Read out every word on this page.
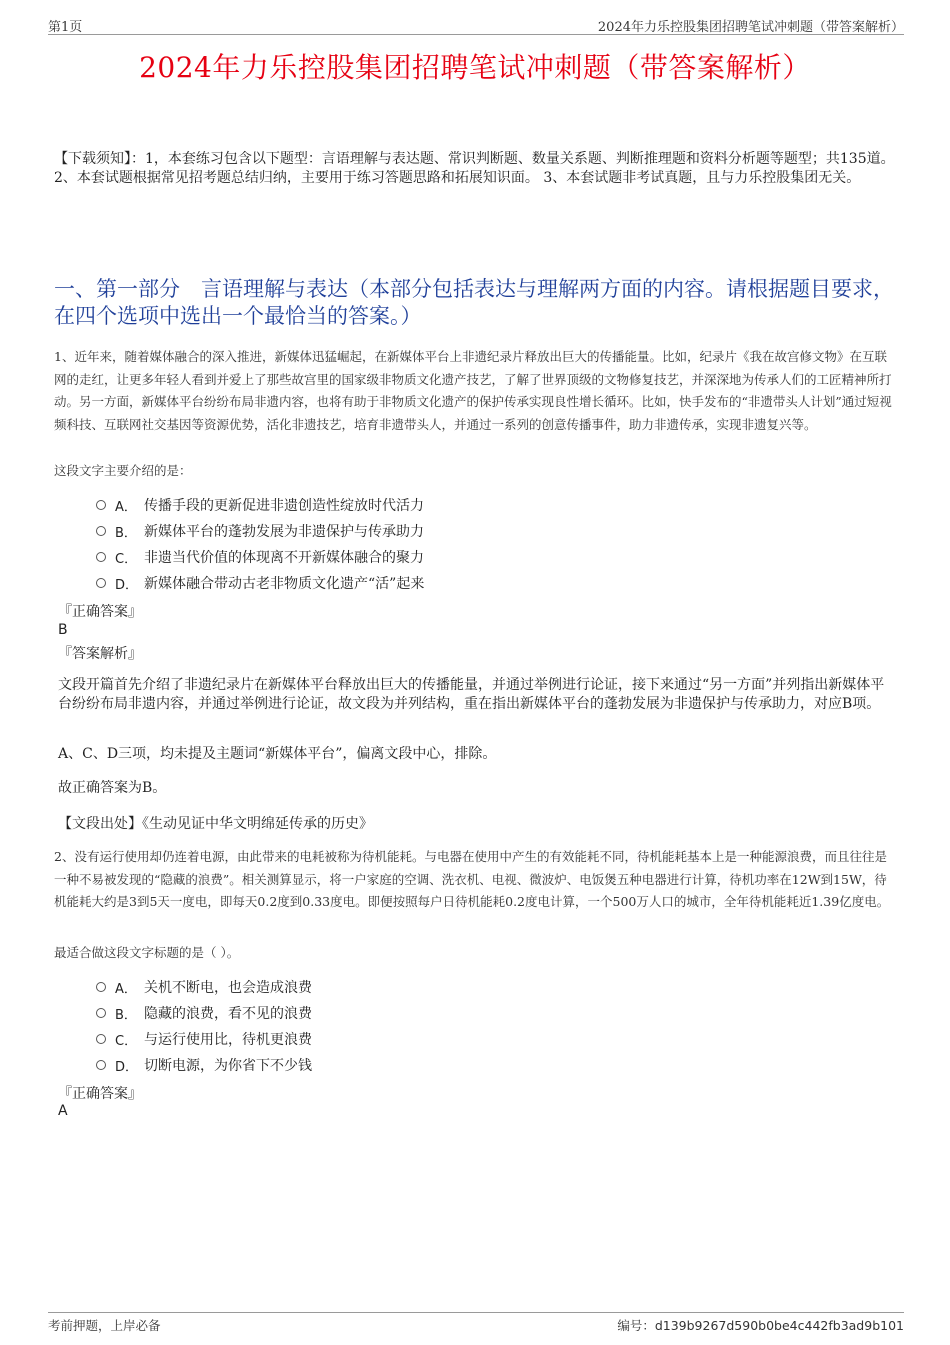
第1页	2024年力乐控股集团招聘笔试冲刺题（带答案解析）
2024年力乐控股集团招聘笔试冲刺题（带答案解析）
【下载须知】：1，本套练习包含以下题型：言语理解与表达题、常识判断题、数量关系题、判断推理题和资料分析题等题型；共135道。 2、本套试题根据常见招考题总结归纳，主要用于练习答题思路和拓展知识面。 3、本套试题非考试真题，且与力乐控股集团无关。
一、第一部分　言语理解与表达（本部分包括表达与理解两方面的内容。请根据题目要求，在四个选项中选出一个最恰当的答案。）
1、近年来，随着媒体融合的深入推进，新媒体迅猛崛起，在新媒体平台上非遗纪录片释放出巨大的传播能量。比如，纪录片《我在故宫修文物》在互联网的走红，让更多年轻人看到并爱上了那些故宫里的国家级非物质文化遗产技艺，了解了世界顶级的文物修复技艺，并深深地为传承人们的工匠精神所打动。另一方面，新媒体平台纷纷布局非遗内容，也将有助于非物质文化遗产的保护传承实现良性增长循环。比如，快手发布的“非遗带头人计划”通过短视频科技、互联网社交基因等资源优势，活化非遗技艺，培育非遗带头人，并通过一系列的创意传播事件，助力非遗传承，实现非遗复兴等。
这段文字主要介绍的是：
A． 传播手段的更新促进非遗创造性绽放时代活力
B． 新媒体平台的蓬勃发展为非遗保护与传承助力
C． 非遗当代价值的体现离不开新媒体融合的聚力
D． 新媒体融合带动古老非物质文化遗产“活”起来
『正确答案』
B
『答案解析』
文段开篇首先介绍了非遗纪录片在新媒体平台释放出巨大的传播能量，并通过举例进行论证，接下来通过“另一方面”并列指出新媒体平台纷纷布局非遗内容，并通过举例进行论证，故文段为并列结构，重在指出新媒体平台的蓬勃发展为非遗保护与传承助力，对应B项。
A、C、D三项，均未提及主题词“新媒体平台”，偏离文段中心，排除。
故正确答案为B。
【文段出处】《生动见证中华文明绵延传承的历史》
2、没有运行使用却仍连着电源，由此带来的电耗被称为待机能耗。与电器在使用中产生的有效能耗不同，待机能耗基本上是一种能源浪费，而且往往是一种不易被发现的“隐藏的浪费”。相关测算显示，将一户家庭的空调、洗衣机、电视、微波炉、电饭煲五种电器进行计算，待机功率在12W到15W，待机能耗大约是3到5天一度电，即每天0.2度到0.33度电。即便按照每户日待机能耗0.2度电计算，一个500万人口的城市，全年待机能耗近1.39亿度电。
最适合做这段文字标题的是（ ）。
A． 关机不断电，也会造成浪费
B． 隐藏的浪费，看不见的浪费
C． 与运行使用比，待机更浪费
D． 切断电源，为你省下不少钱
『正确答案』
A
考前押题，上岸必备	编号：d139b9267d590b0be4c442fb3ad9b101
